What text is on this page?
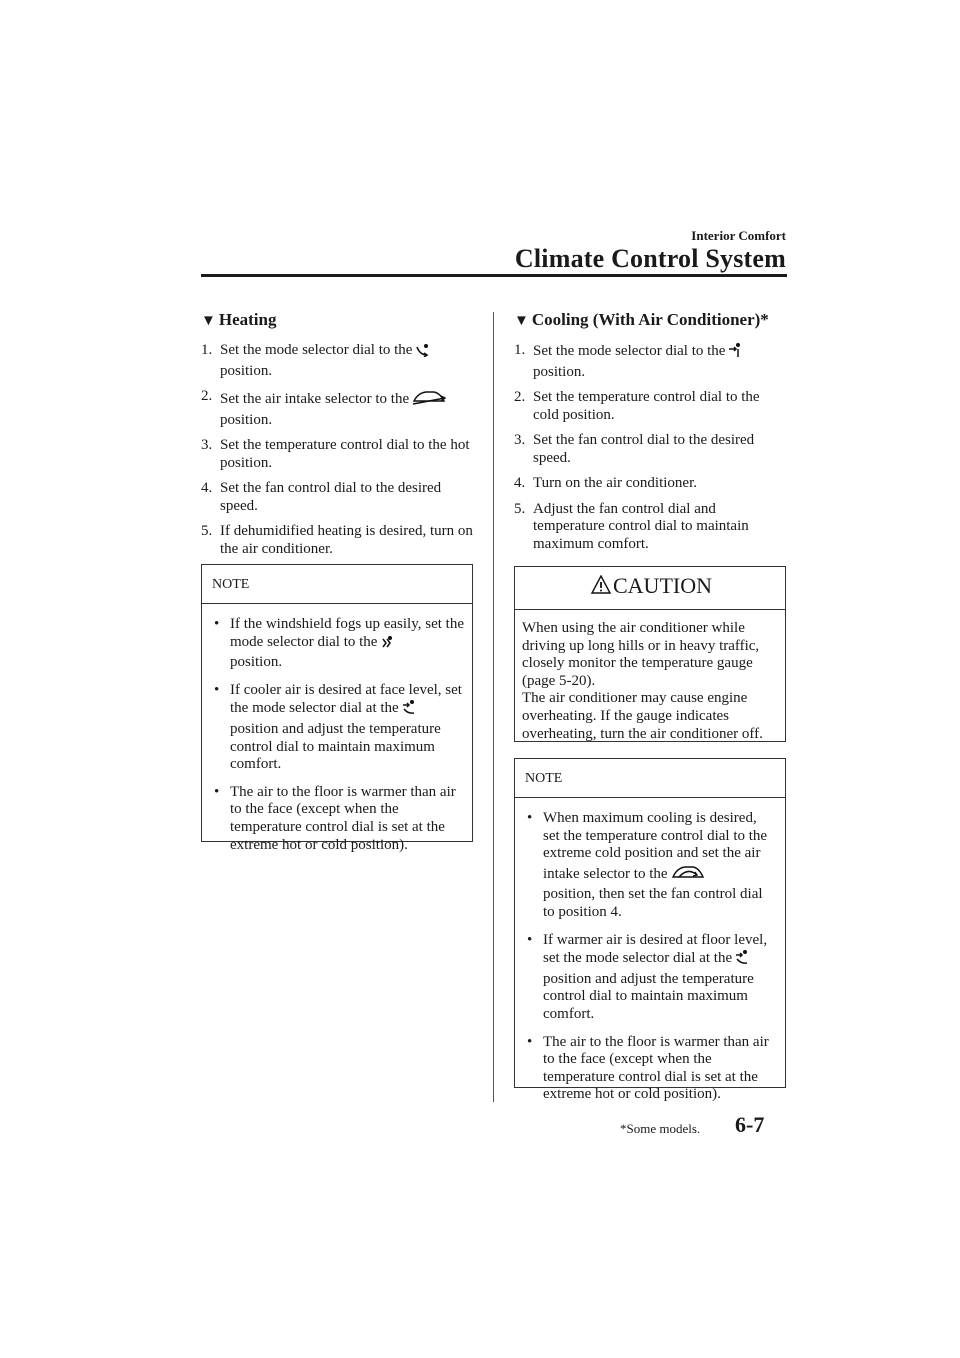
Interior Comfort
Climate Control System
▼ Heating
1. Set the mode selector dial to the
position.
2. Set the air intake selector to the
position.
3. Set the temperature control dial to the hot position.
4. Set the fan control dial to the desired speed.
5. If dehumidified heating is desired, turn on the air conditioner.
NOTE
• If the windshield fogs up easily, set the mode selector dial to the
position.
• If cooler air is desired at face level, set the mode selector dial at the
position and adjust the temperature control dial to maintain maximum comfort.
• The air to the floor is warmer than air to the face (except when the temperature control dial is set at the extreme hot or cold position).
▼ Cooling (With Air Conditioner)*
1. Set the mode selector dial to the
position.
2. Set the temperature control dial to the cold position.
3. Set the fan control dial to the desired speed.
4. Turn on the air conditioner.
5. Adjust the fan control dial and temperature control dial to maintain maximum comfort.
CAUTION
When using the air conditioner while driving up long hills or in heavy traffic, closely monitor the temperature gauge (page 5-20).
The air conditioner may cause engine overheating. If the gauge indicates overheating, turn the air conditioner off.
NOTE
• When maximum cooling is desired, set the temperature control dial to the extreme cold position and set the air intake selector to the
position, then set the fan control dial to position 4.
• If warmer air is desired at floor level, set the mode selector dial at the position and adjust the temperature control dial to maintain maximum comfort.
• The air to the floor is warmer than air to the face (except when the temperature control dial is set at the extreme hot or cold position).
*Some models. 6-7
